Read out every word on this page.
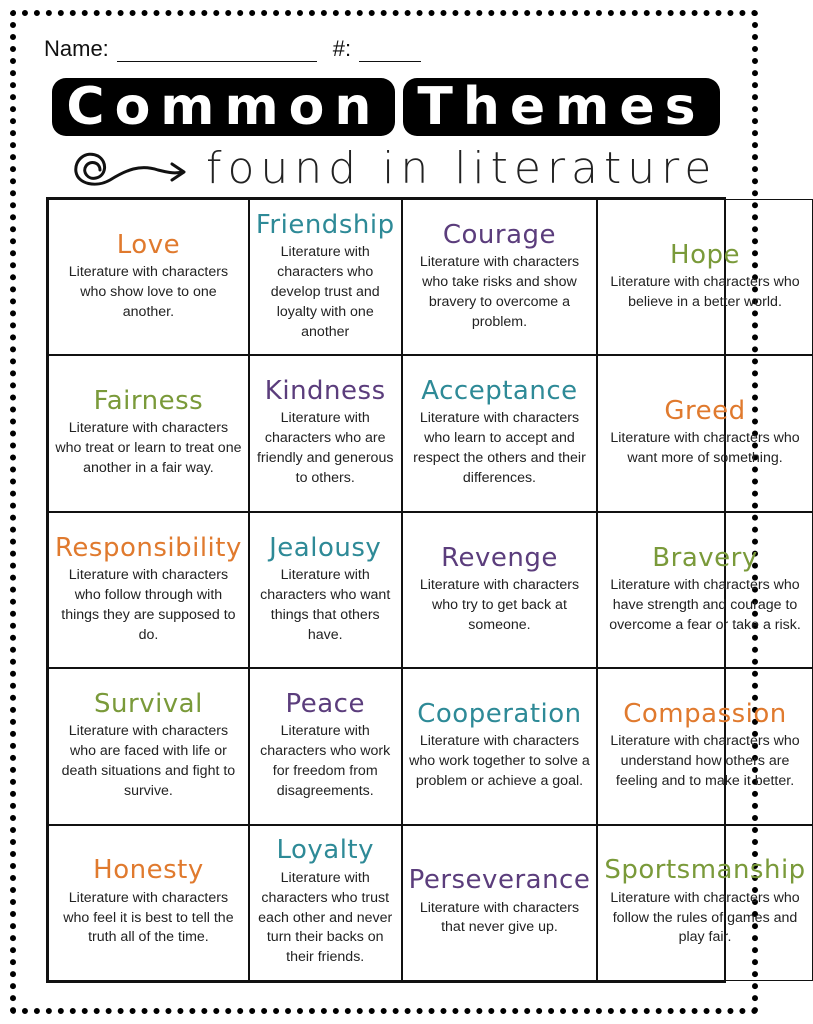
Name:	#:
Common Themes
found in literature
Love
Literature with characters who show love to one another.
Friendship
Literature with characters who develop trust and loyalty with one another
Courage
Literature with characters who take risks and show bravery to overcome a problem.
Hope
Literature with characters who believe in a better world.
Fairness
Literature with characters who treat or learn to treat one another in a fair way.
Kindness
Literature with characters who are friendly and generous to others.
Acceptance
Literature with characters who learn to accept and respect the others and their differences.
Greed
Literature with characters who want more of something.
Responsibility
Literature with characters who follow through with things they are supposed to do.
Jealousy
Literature with characters who want things that others have.
Revenge
Literature with characters who try to get back at someone.
Bravery
Literature with characters who have strength and courage to overcome a fear or take a risk.
Survival
Literature with characters who are faced with life or death situations and fight to survive.
Peace
Literature with characters who work for freedom from disagreements.
Cooperation
Literature with characters who work together to solve a problem or achieve a goal.
Compassion
Literature with characters who understand how others are feeling and to make it better.
Honesty
Literature with characters who feel it is best to tell the truth all of the time.
Loyalty
Literature with characters who trust each other and never turn their backs on their friends.
Perseverance
Literature with characters that never give up.
Sportsmanship
Literature with characters who follow the rules of games and play fair.
